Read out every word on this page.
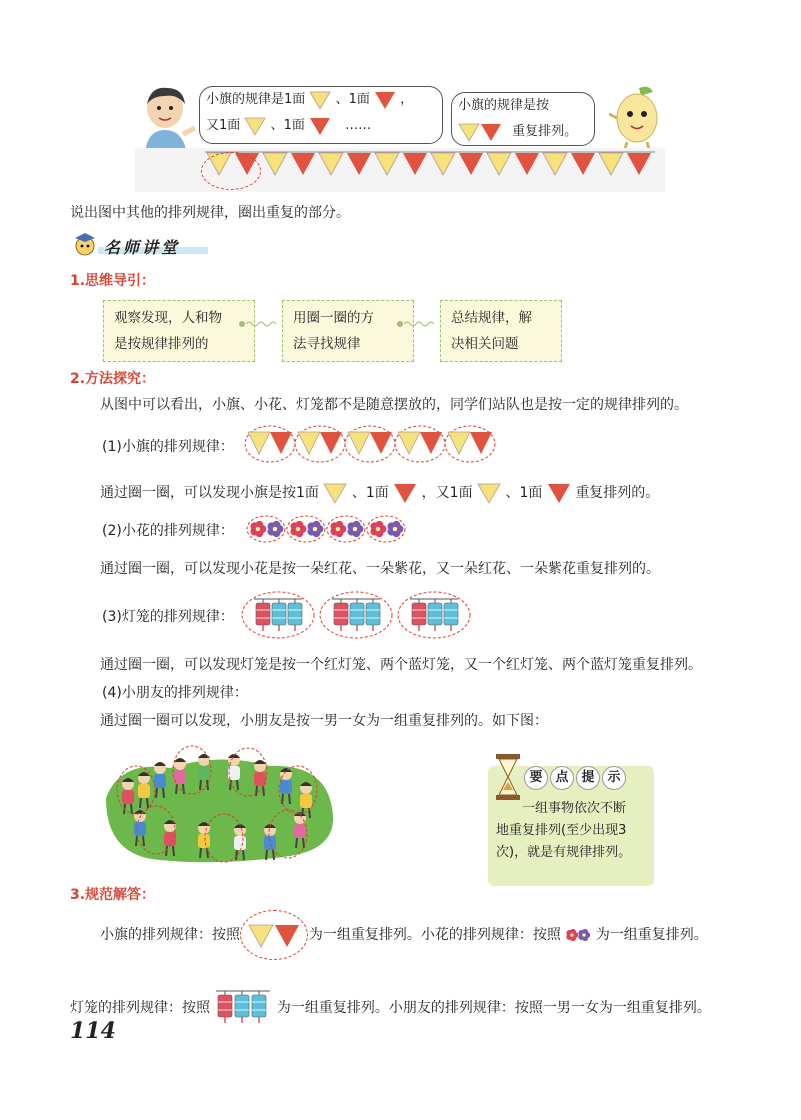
小旗的规律是1面 、1面 ，
又1面 、1面	……
小旗的规律是按
重复排列。
说出图中其他的排列规律，圈出重复的部分。
名师讲堂
1.思维导引：
观察发现，人和物
是按规律排列的
用圈一圈的方
法寻找规律
总结规律，解
决相关问题
2.方法探究：
从图中可以看出，小旗、小花、灯笼都不是随意摆放的，同学们站队也是按一定的规律排列的。
(1)小旗的排列规律：
通过圈一圈，可以发现小旗是按1面 、1面 ，又1面 、1面 重复排列的。
(2)小花的排列规律：
通过圈一圈，可以发现小花是按一朵红花、一朵紫花，又一朵红花、一朵紫花重复排列的。
(3)灯笼的排列规律：
通过圈一圈，可以发现灯笼是按一个红灯笼、两个蓝灯笼，又一个红灯笼、两个蓝灯笼重复排列。
(4)小朋友的排列规律：
通过圈一圈可以发现，小朋友是按一男一女为一组重复排列的。如下图：
要 点 提 示
一组事物依次不断
地重复排列(至少出现3
次)，就是有规律排列。
3.规范解答：
小旗的排列规律：按照	为一组重复排列。小花的排列规律：按照 为一组重复排列。
灯笼的排列规律：按照	为一组重复排列。小朋友的排列规律：按照一男一女为一组重复排列。
114
